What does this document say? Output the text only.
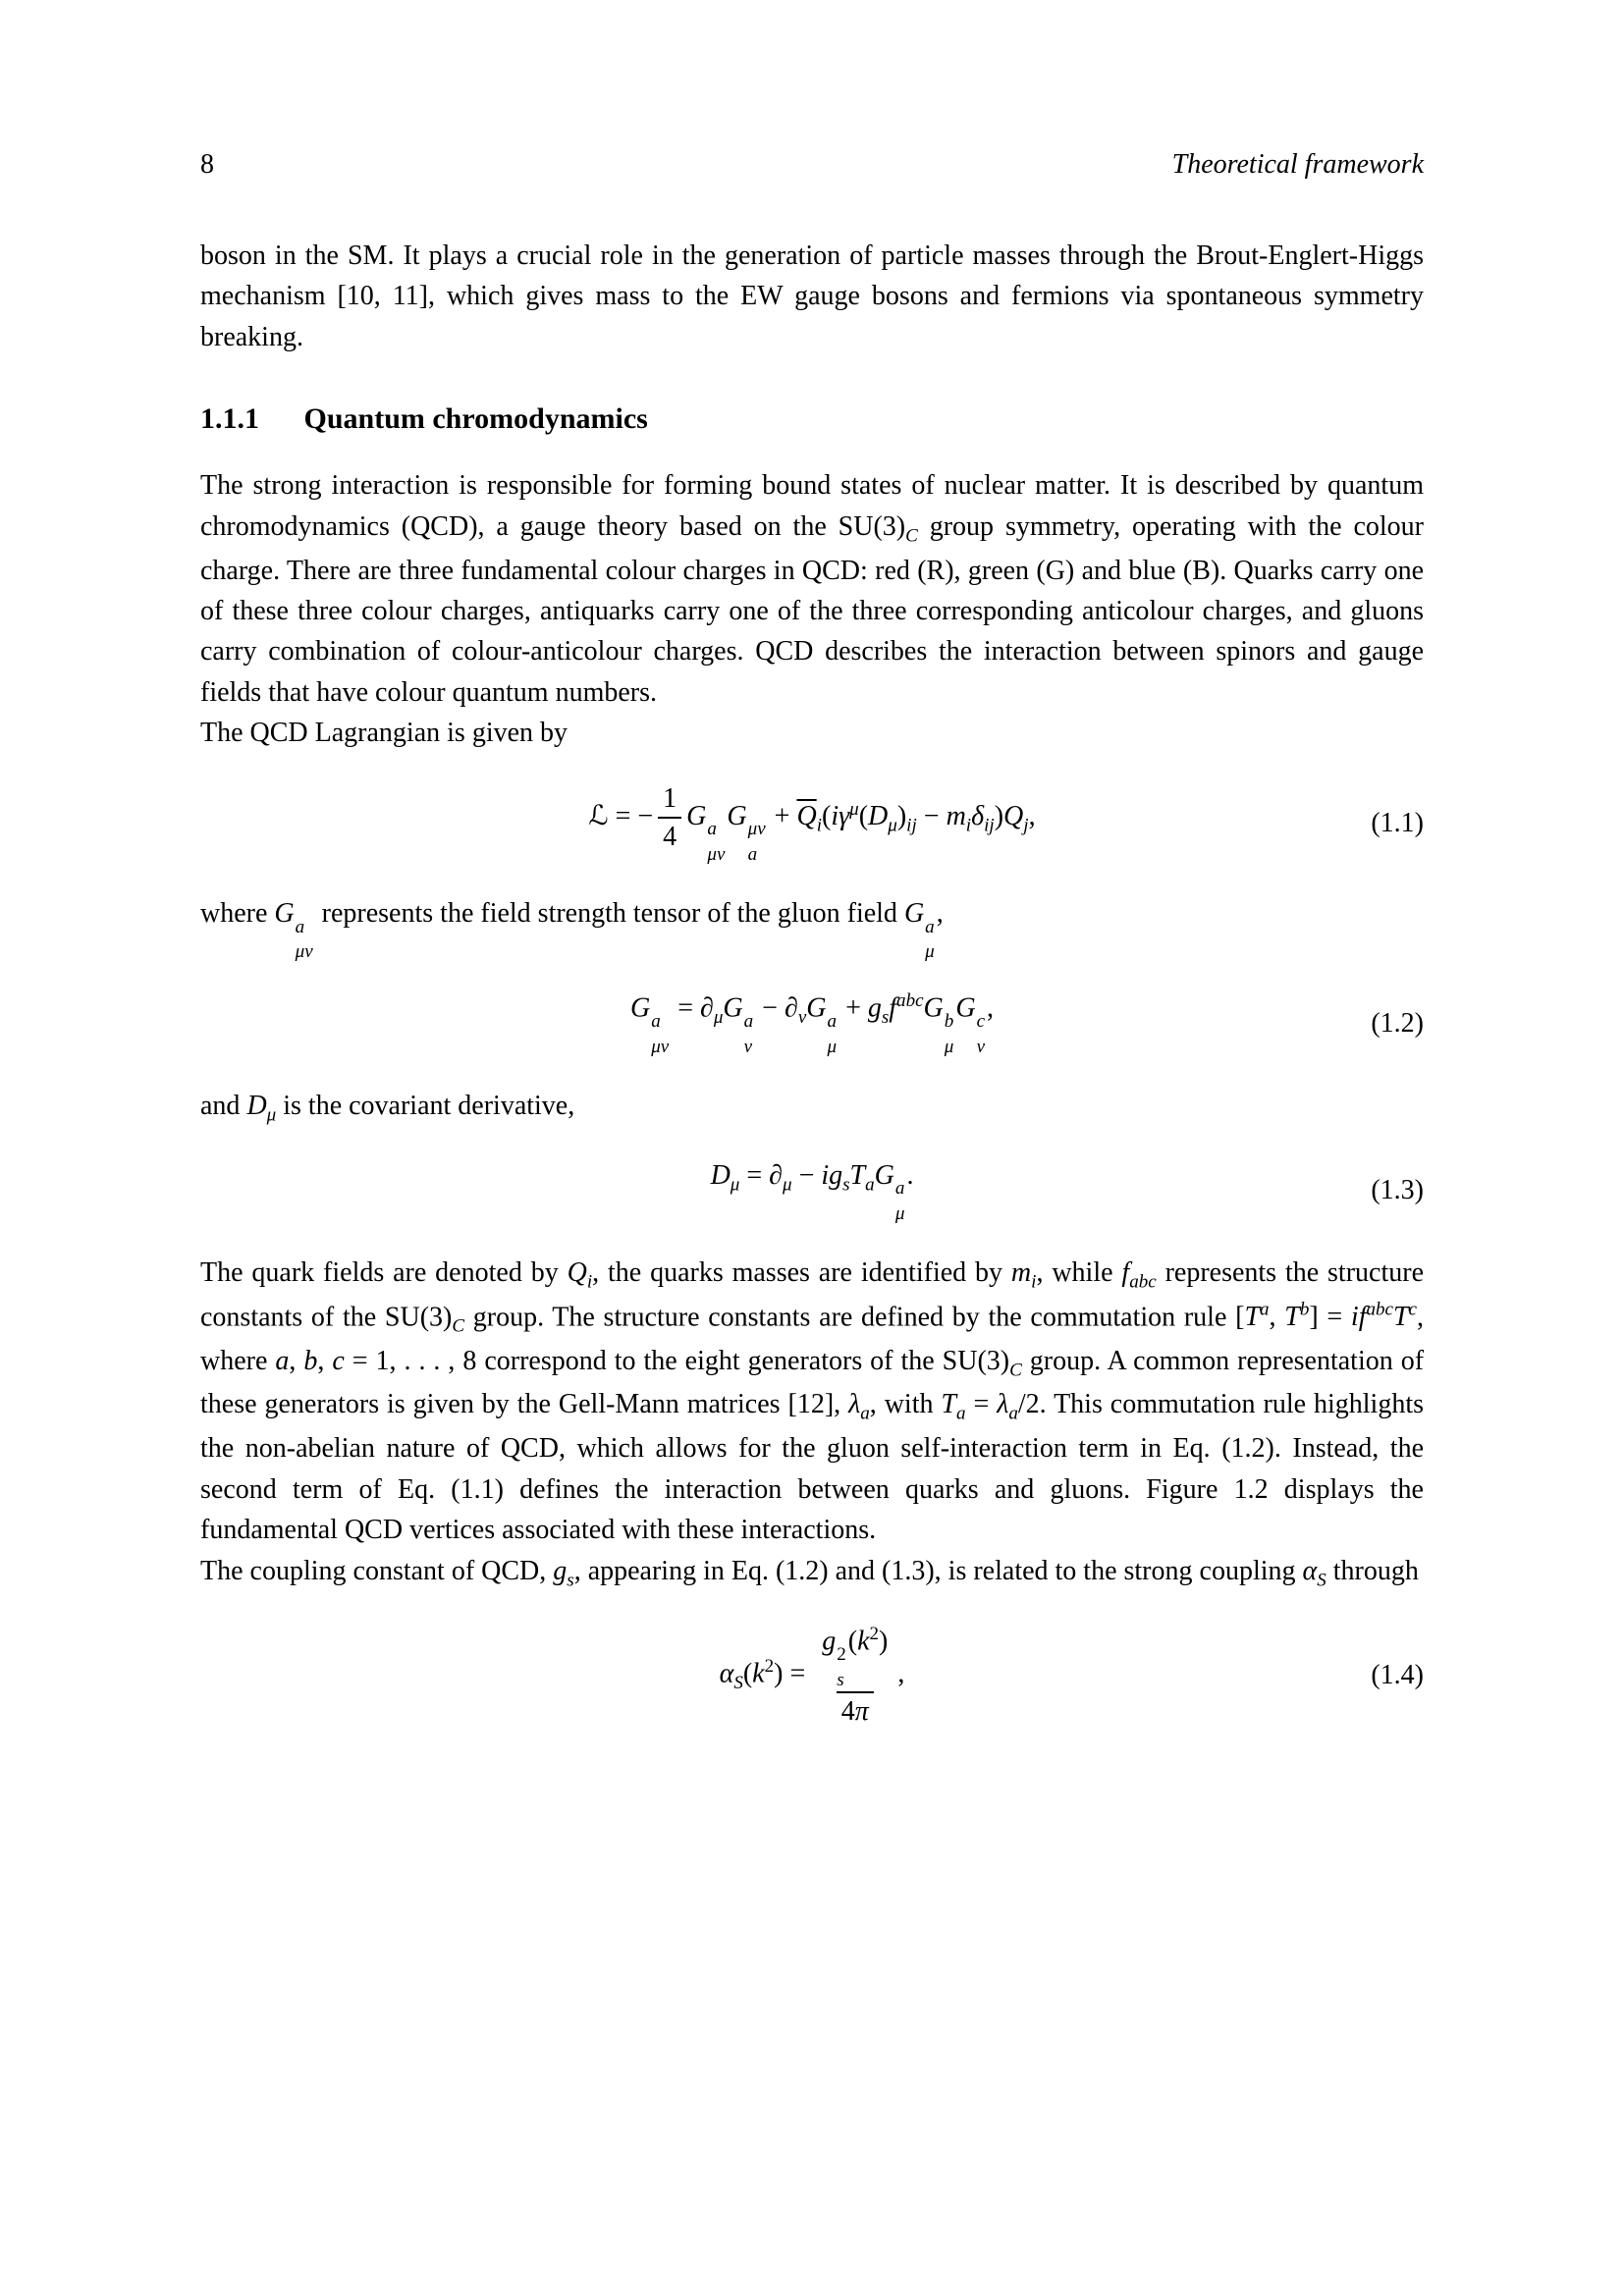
8	Theoretical framework

boson in the SM. It plays a crucial role in the generation of particle masses through the Brout-Englert-Higgs mechanism [10, 11], which gives mass to the EW gauge bosons and fermions via spontaneous symmetry breaking.

1.1.1 Quantum chromodynamics

The strong interaction is responsible for forming bound states of nuclear matter. It is described by quantum chromodynamics (QCD), a gauge theory based on the $SU(3)_C$ group symmetry, operating with the colour charge. There are three fundamental colour charges in QCD: red (R), green (G) and blue (B). Quarks carry one of these three colour charges, antiquarks carry one of the three corresponding anticolour charges, and gluons carry combination of colour-anticolour charges. QCD describes the interaction between spinors and gauge fields that have colour quantum numbers.

The QCD Lagrangian is given by

ℒ = − $\frac{1}{4}$ G a
μν
G μν
a
+ $\overline{Q}_i(i\gamma^\mu(D_\mu)_{ij} - m_i\delta_{ij})Q_j$,	(1.1)

where G a
μν
represents the field strength tensor of the gluon field G a
μ
,

G a
μν
= $\partial_\mu G$ a
ν
− $\partial_\nu G$ a
μ
+ $g_sf^{abc}G$ b
μ
G c
ν
,	(1.2)

and $D_\mu$ is the covariant derivative,

$D_\mu = \partial_\mu - ig_sT_aG$ a
μ
.
(1.3)

The quark fields are denoted by $Q_i$, the quarks masses are identified by $m_i$, while $f_{abc}$ represents the structure constants of the $SU(3)_C$ group. The structure constants are defined by the commutation rule [$T^a$, $T^b] = if^{abc}T^c$, where a, b, c = 1, . . . , 8 correspond to the eight generators of the $SU(3)_C$ group. A common representation of these generators is given by the Gell-Mann matrices [12], $\lambda_a$, with $T_a = \lambda_a/2$. This commutation rule highlights the non-abelian nature of QCD, which allows for the gluon self-interaction term in Eq. (1.2). Instead, the second term of Eq. (1.1) defines the interaction between quarks and gluons. Figure 1.2 displays the fundamental QCD vertices associated with these interactions.

The coupling constant of QCD, $g_s$, appearing in Eq. (1.2) and (1.3), is related to the strong coupling $\alpha_S$ through

$\alpha_S(k^2) = g$ 2
s
$(k^2)$
4π ,	(1.4)
